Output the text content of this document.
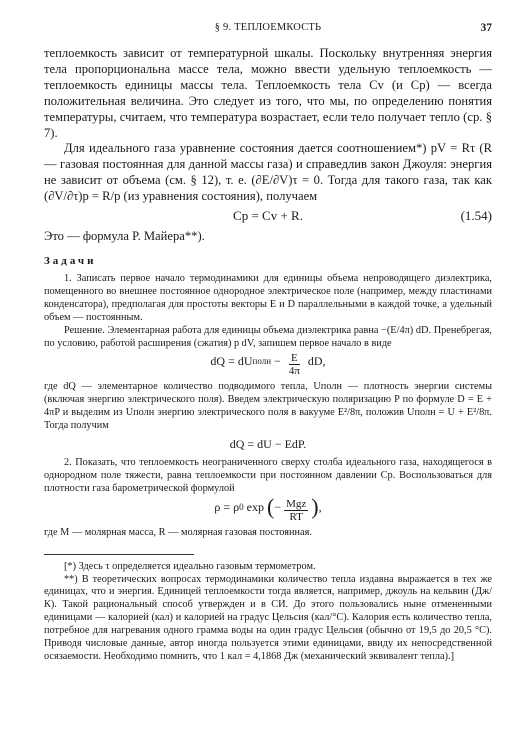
§ 9. ТЕПЛОЕМКОСТЬ	37

теплоемкость зависит от температурной шкалы. Поскольку внутренняя энергия тела пропорциональна массе тела, можно ввести удельную теплоемкость — теплоемкость единицы массы тела. Теплоемкость тела Cv (и Cp) — всегда положительная величина. Это следует из того, что мы, по определению понятия температуры, считаем, что температура возрастает, если тело получает тепло (ср. § 7).

Для идеального газа уравнение состояния дается соотношением*) pV = Rτ (R — газовая постоянная для данной массы газа) и справедлив закон Джоуля: энергия не зависит от объема (см. § 12), т. е. (∂E/∂V)τ = 0. Тогда для такого газа, так как (∂V/∂τ)p = R/p (из уравнения состояния), получаем

Cp = Cv + R.	(1.54)

Это — формула Р. Майера**).

Задачи

1. Записать первое начало термодинамики для единицы объема непроводящего диэлектрика, помещенного во внешнее постоянное однородное электрическое поле (например, между пластинами конденсатора), предполагая для простоты векторы E и D параллельными в каждой точке, а удельный объем — постоянным.

Решение. Элементарная работа для единицы объема диэлектрика равна −(E/4π) dD. Пренебрегая, по условию, работой расширения (сжатия) p dV, запишем первое начало в виде

dQ = dU полн − $\frac{E}{4\pi}$ dD,

где dQ — элементарное количество подводимого тепла, Uполн — плотность энергии системы (включая энергию электрического поля). Введем электрическую поляризацию P по формуле D = E + 4πP и выделим из Uполн энергию электрического поля в вакууме E²/8π, положив Uполн = U + E²/8π. Тогда получим

dQ = dU − EdP.

2. Показать, что теплоемкость неограниченного сверху столба идеального газа, находящегося в однородном поле тяжести, равна теплоемкости при постоянном давлении Cp. Воспользоваться для плотности газа барометрической формулой

ρ = ρ 0 exp ( − $\frac{\text{Mgz}}{RT}$ ) ,

где M — молярная масса, R — молярная газовая постоянная.

[*) Здесь τ определяется идеально газовым термометром.

**) В теоретических вопросах термодинамики количество тепла издавна выражается в тех же единицах, что и энергия. Единицей теплоемкости тогда является, например, джоуль на кельвин (Дж/К). Такой рациональный способ утвержден и в СИ. До этого пользовались ныне отмененными единицами — калорией (кал) и калорией на градус Цельсия (кал/°С). Калория есть количество тепла, потребное для нагревания одного грамма воды на один градус Цельсия (обычно от 19,5 до 20,5 °С). Приводя числовые данные, автор иногда пользуется этими единицами, ввиду их непосредственной осязаемости. Необходимо помнить, что 1 кал = 4,1868 Дж (механический эквивалент тепла).]
